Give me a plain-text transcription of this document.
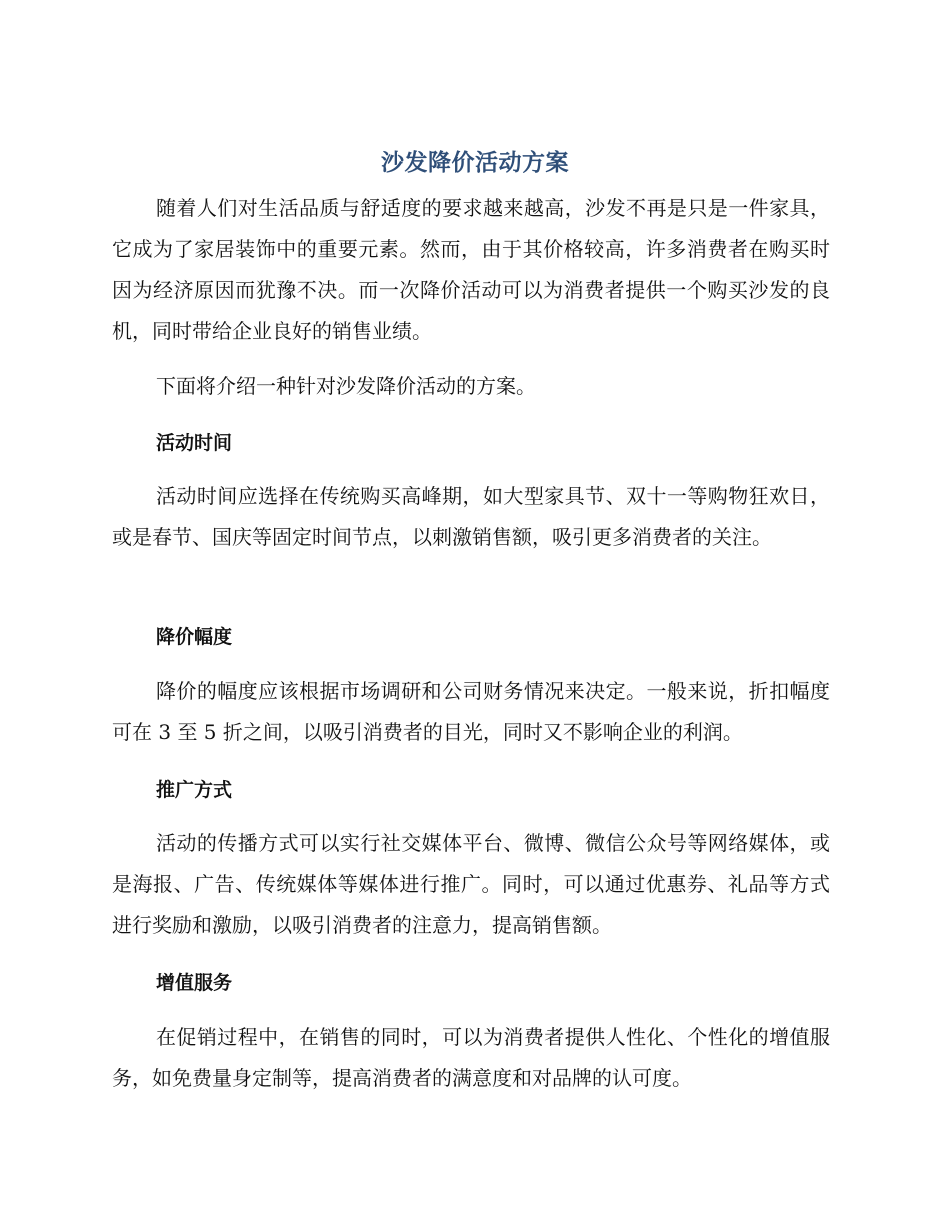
沙发降价活动方案

随着人们对生活品质与舒适度的要求越来越高，沙发不再是只是一件家具，它成为了家居装饰中的重要元素。然而，由于其价格较高，许多消费者在购买时因为经济原因而犹豫不决。而一次降价活动可以为消费者提供一个购买沙发的良机，同时带给企业良好的销售业绩。

下面将介绍一种针对沙发降价活动的方案。

活动时间

活动时间应选择在传统购买高峰期，如大型家具节、双十一等购物狂欢日，或是春节、国庆等固定时间节点，以刺激销售额，吸引更多消费者的关注。

降价幅度

降价的幅度应该根据市场调研和公司财务情况来决定。一般来说，折扣幅度可在 3 至 5 折之间，以吸引消费者的目光，同时又不影响企业的利润。

推广方式

活动的传播方式可以实行社交媒体平台、微博、微信公众号等网络媒体，或是海报、广告、传统媒体等媒体进行推广。同时，可以通过优惠券、礼品等方式进行奖励和激励，以吸引消费者的注意力，提高销售额。

增值服务

在促销过程中，在销售的同时，可以为消费者提供人性化、个性化的增值服务，如免费量身定制等，提高消费者的满意度和对品牌的认可度。
